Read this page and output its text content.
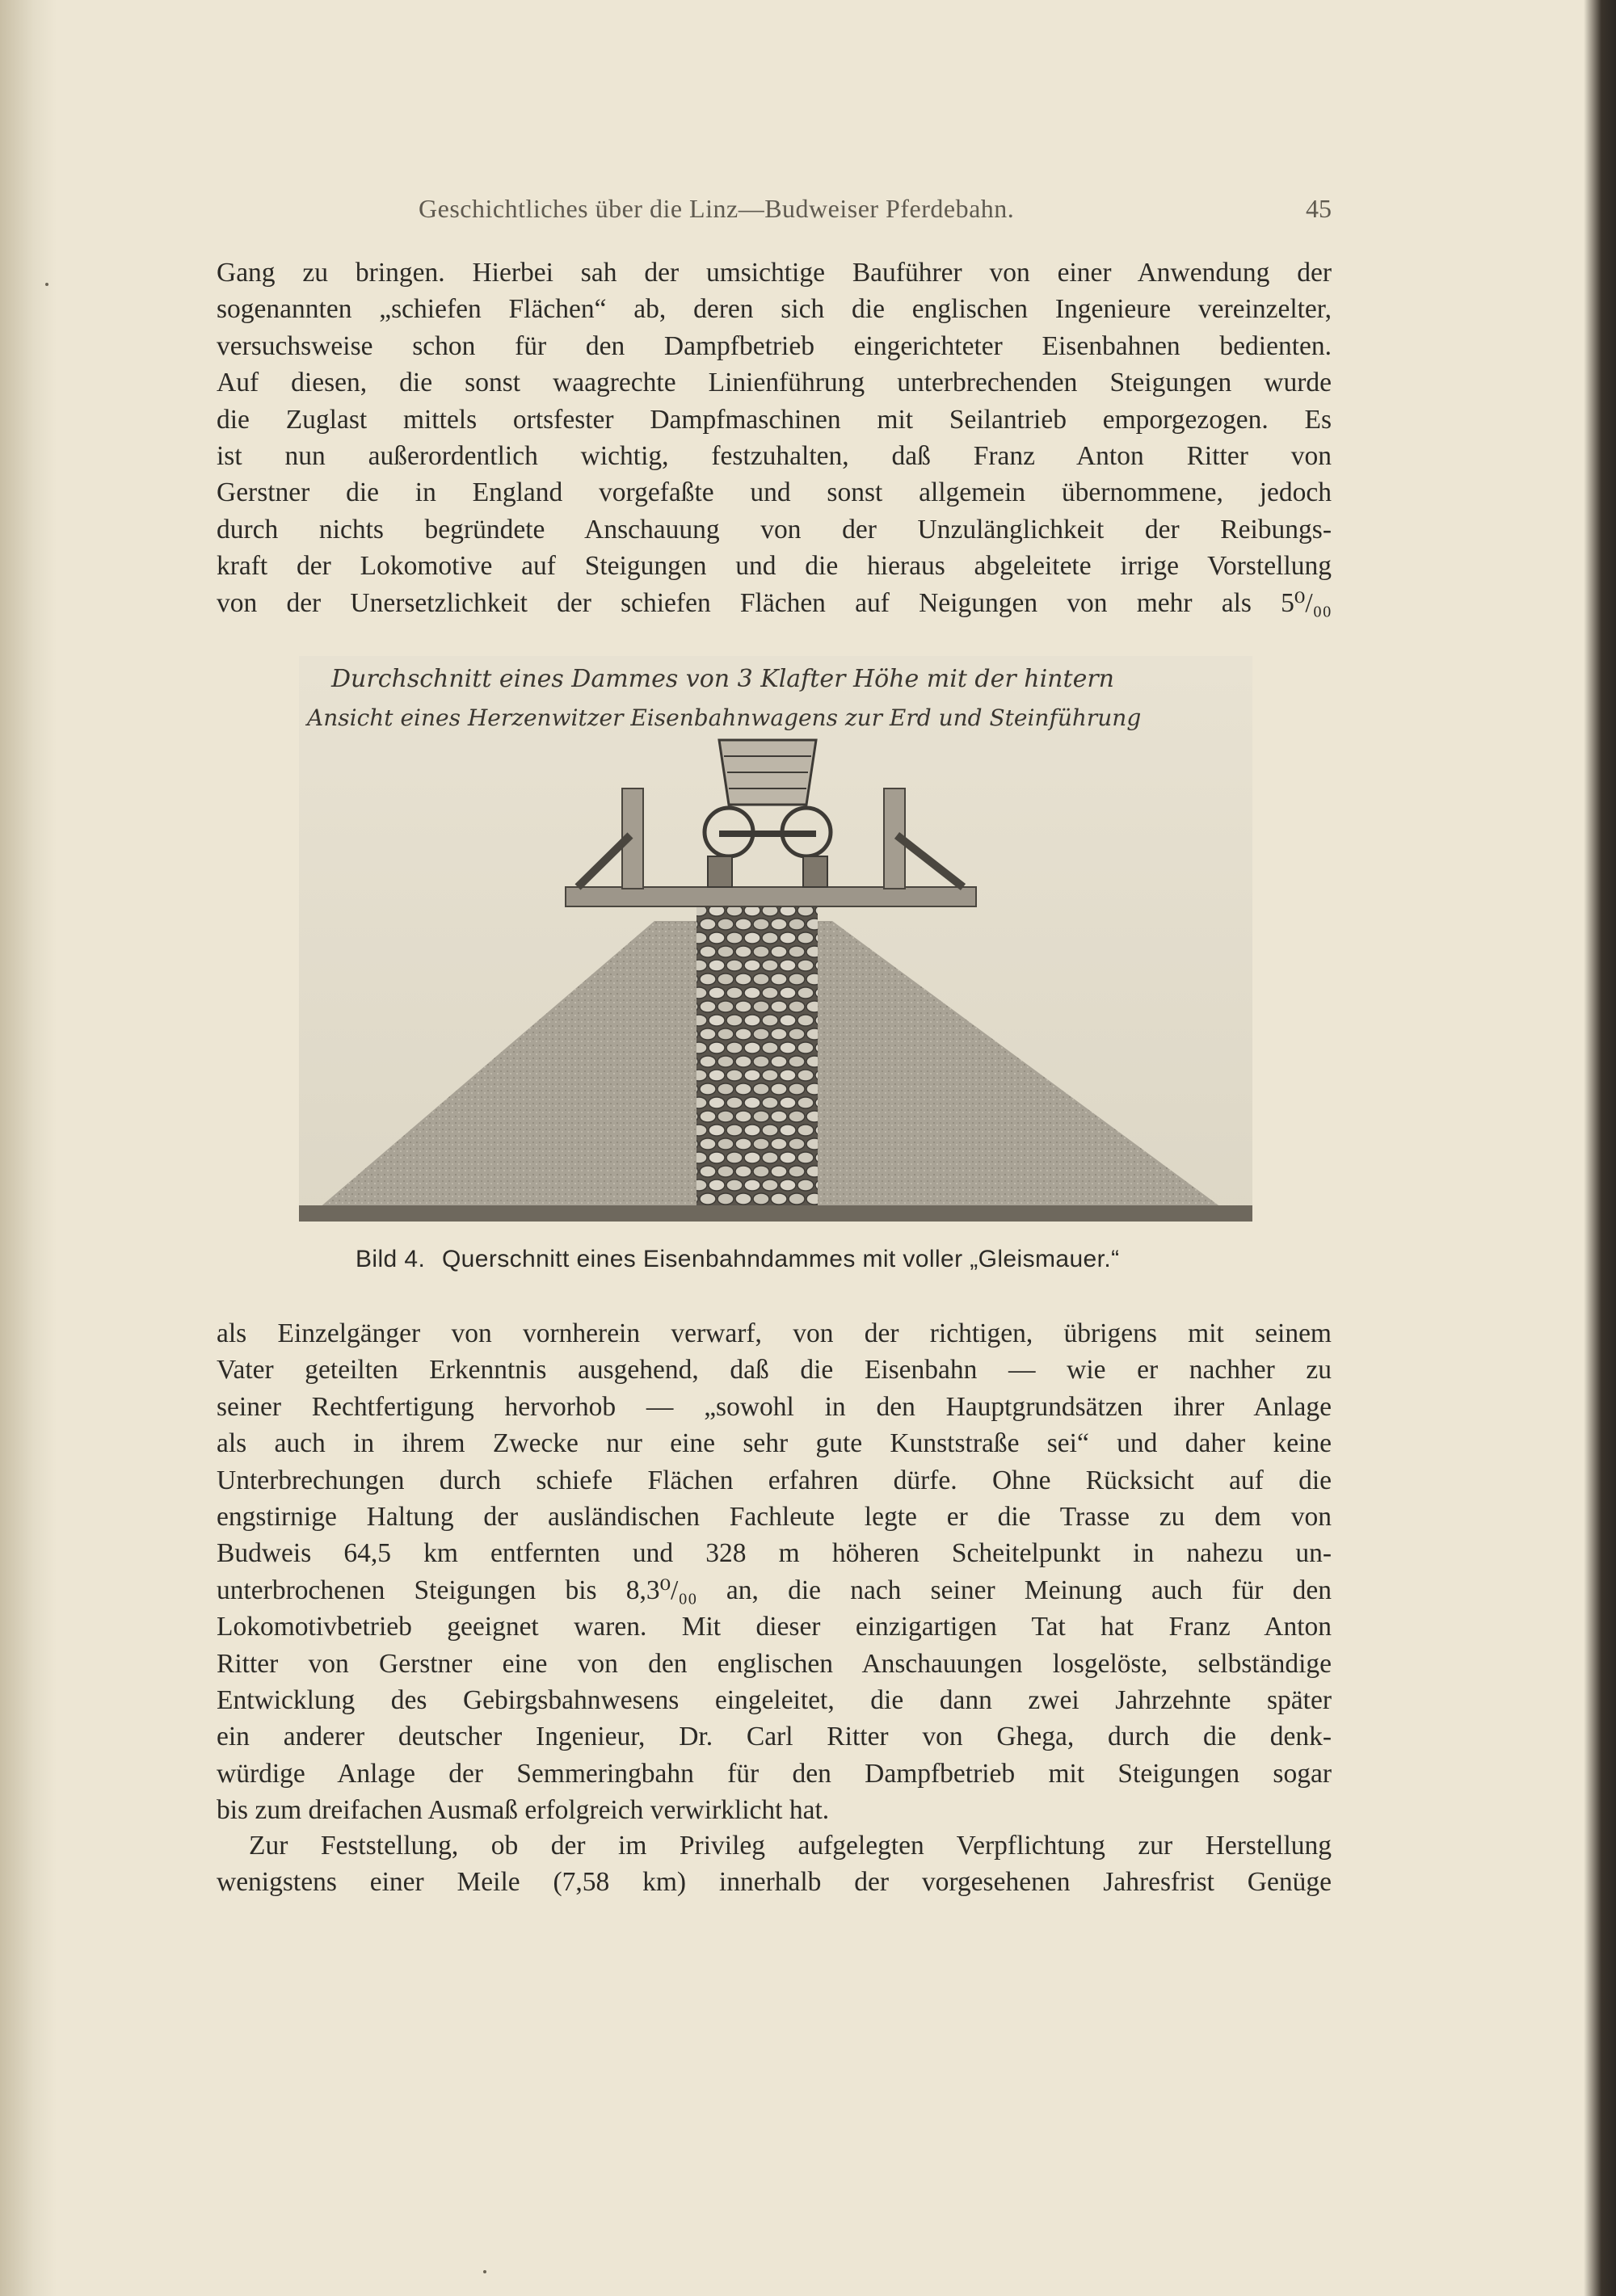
Geschichtliches über die Linz—Budweiser Pferdebahn.	45
Gang zu bringen. Hierbei sah der umsichtige Bauführer von einer Anwendung der
sogenannten „schiefen Flächen“ ab, deren sich die englischen Ingenieure vereinzelter,
versuchsweise schon für den Dampfbetrieb eingerichteter Eisenbahnen bedienten.
Auf diesen, die sonst waagrechte Linienführung unterbrechenden Steigungen wurde
die Zuglast mittels ortsfester Dampfmaschinen mit Seilantrieb emporgezogen. Es
ist nun außerordentlich wichtig, festzuhalten, daß Franz Anton Ritter von
Gerstner die in England vorgefaßte und sonst allgemein übernommene, jedoch
durch nichts begründete Anschauung von der Unzulänglichkeit der Reibungs-
kraft der Lokomotive auf Steigungen und die hieraus abgeleitete irrige Vorstellung
von der Unersetzlichkeit der schiefen Flächen auf Neigungen von mehr als 5⁰/₀₀
Durchschnitt eines Dammes von 3 Klafter Höhe mit der hintern
Ansicht eines Herzenwitzer Eisenbahnwagens zur Erd und Steinführung
Bild 4. Querschnitt eines Eisenbahndammes mit voller „Gleismauer.“
als Einzelgänger von vornherein verwarf, von der richtigen, übrigens mit seinem
Vater geteilten Erkenntnis ausgehend, daß die Eisenbahn — wie er nachher zu
seiner Rechtfertigung hervorhob — „sowohl in den Hauptgrundsätzen ihrer Anlage
als auch in ihrem Zwecke nur eine sehr gute Kunststraße sei“ und daher keine
Unterbrechungen durch schiefe Flächen erfahren dürfe. Ohne Rücksicht auf die
engstirnige Haltung der ausländischen Fachleute legte er die Trasse zu dem von
Budweis 64,5 km entfernten und 328 m höheren Scheitelpunkt in nahezu un-
unterbrochenen Steigungen bis 8,3⁰/₀₀ an, die nach seiner Meinung auch für den
Lokomotivbetrieb geeignet waren. Mit dieser einzigartigen Tat hat Franz Anton
Ritter von Gerstner eine von den englischen Anschauungen losgelöste, selbständige
Entwicklung des Gebirgsbahnwesens eingeleitet, die dann zwei Jahrzehnte später
ein anderer deutscher Ingenieur, Dr. Carl Ritter von Ghega, durch die denk-
würdige Anlage der Semmeringbahn für den Dampfbetrieb mit Steigungen sogar
bis zum dreifachen Ausmaß erfolgreich verwirklicht hat.
Zur Feststellung, ob der im Privileg aufgelegten Verpflichtung zur Herstellung
wenigstens einer Meile (7,58 km) innerhalb der vorgesehenen Jahresfrist Genüge
